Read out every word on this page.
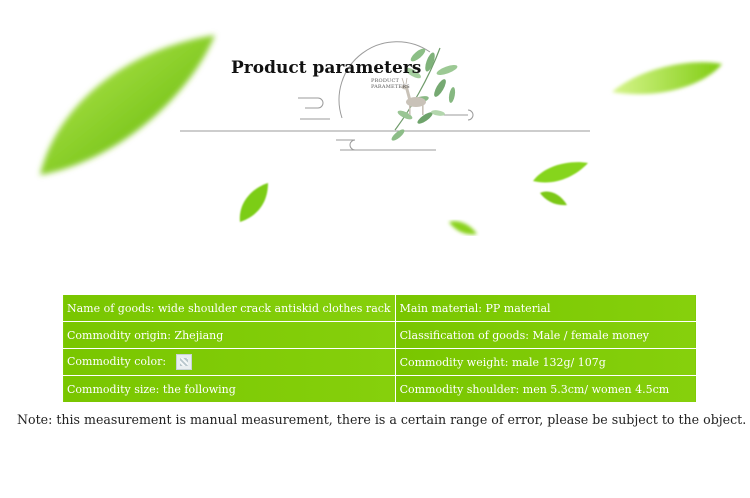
Product parameters
PRODUCT
PARAMETERS
Name of goods: wide shoulder crack antiskid clothes rack	Main material: PP material
Commodity origin: Zhejiang	Classification of goods: Male / female money
Commodity color:	Commodity weight: male 132g/ 107g
Commodity size: the following	Commodity shoulder: men 5.3cm/ women 4.5cm
Note: this measurement is manual measurement, there is a certain range of error, please be subject to the object.
